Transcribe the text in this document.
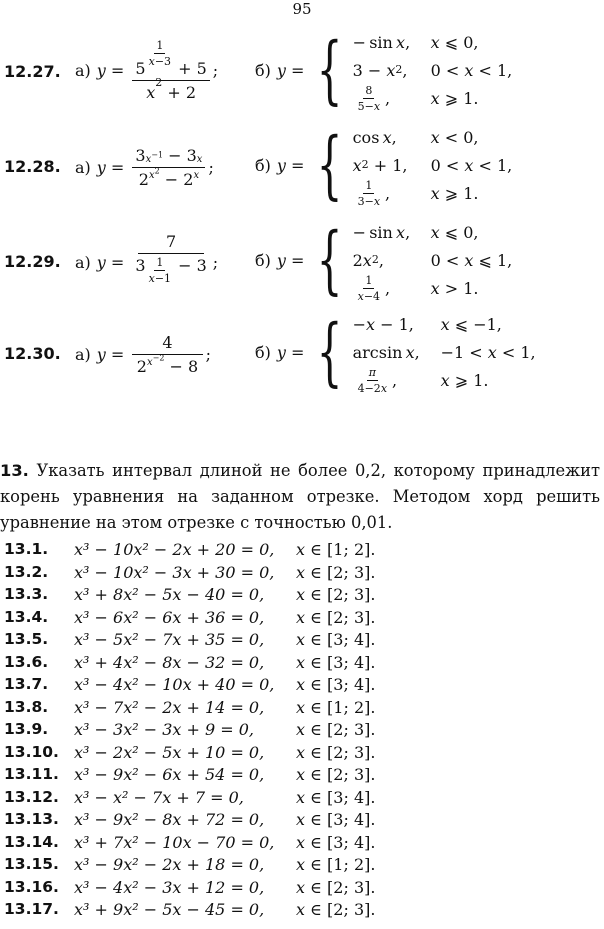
95
12.27. а) y = 5
$\frac{1}{x -3}$
+ 5
x
2
+ 2 ; б) y = { − sin  x ,	x ⩽ 0,
3 − x 2 ,	0 < x < 1,
$\frac{8}{5- x}$ ,	x ⩾ 1.
12.28. а) $y = \frac{3 x^{-1} - 3 x}{2 x^2 - 2 x}$ ;	б) y = { cos  x ,	x < 0,
x 2 + 1,	0 < x < 1,
$\frac{1}{3- x}$ ,	x ⩾ 1.
12.29. а) $y = \frac{7}{3 \frac{1}{x -1} - 3}$ ; б) y = { − sin  x ,	x ⩽ 0,
2 x 2 ,	0 < x ⩽ 1,
$\frac{1}{x -4}$ ,	x > 1.
12.30. а) $y = \frac{4}{2 x^{-2} - 8}$ ;	б) y = { − x − 1,	x ⩽ −1,
arcsin  x ,	−1 < x < 1,
$\frac{\pi}{4-2 x}$ ,	x ⩾ 1.
13. Указать интервал длиной не более 0,2, которому принадлежит корень уравнения на заданном отрезке. Методом хорд решить уравнение на этом отрезке с точностью 0,01.
13.1. x³ − 10x² − 2x + 20 = 0, x ∈ [1; 2].
13.2. x³ − 10x² − 3x + 30 = 0, x ∈ [2; 3].
13.3. x³ + 8x² − 5x − 40 = 0, x ∈ [2; 3].
13.4. x³ − 6x² − 6x + 36 = 0, x ∈ [2; 3].
13.5. x³ − 5x² − 7x + 35 = 0, x ∈ [3; 4].
13.6. x³ + 4x² − 8x − 32 = 0, x ∈ [3; 4].
13.7. x³ − 4x² − 10x + 40 = 0, x ∈ [3; 4].
13.8. x³ − 7x² − 2x + 14 = 0, x ∈ [1; 2].
13.9. x³ − 3x² − 3x + 9 = 0,	x ∈ [2; 3].
13.10. x³ − 2x² − 5x + 10 = 0, x ∈ [2; 3].
13.11. x³ − 9x² − 6x + 54 = 0, x ∈ [2; 3].
13.12. x³ − x² − 7x + 7 = 0,	x ∈ [3; 4].
13.13. x³ − 9x² − 8x + 72 = 0, x ∈ [3; 4].
13.14. x³ + 7x² − 10x − 70 = 0, x ∈ [3; 4].
13.15. x³ − 9x² − 2x + 18 = 0, x ∈ [1; 2].
13.16. x³ − 4x² − 3x + 12 = 0, x ∈ [2; 3].
13.17. x³ + 9x² − 5x − 45 = 0, x ∈ [2; 3].
